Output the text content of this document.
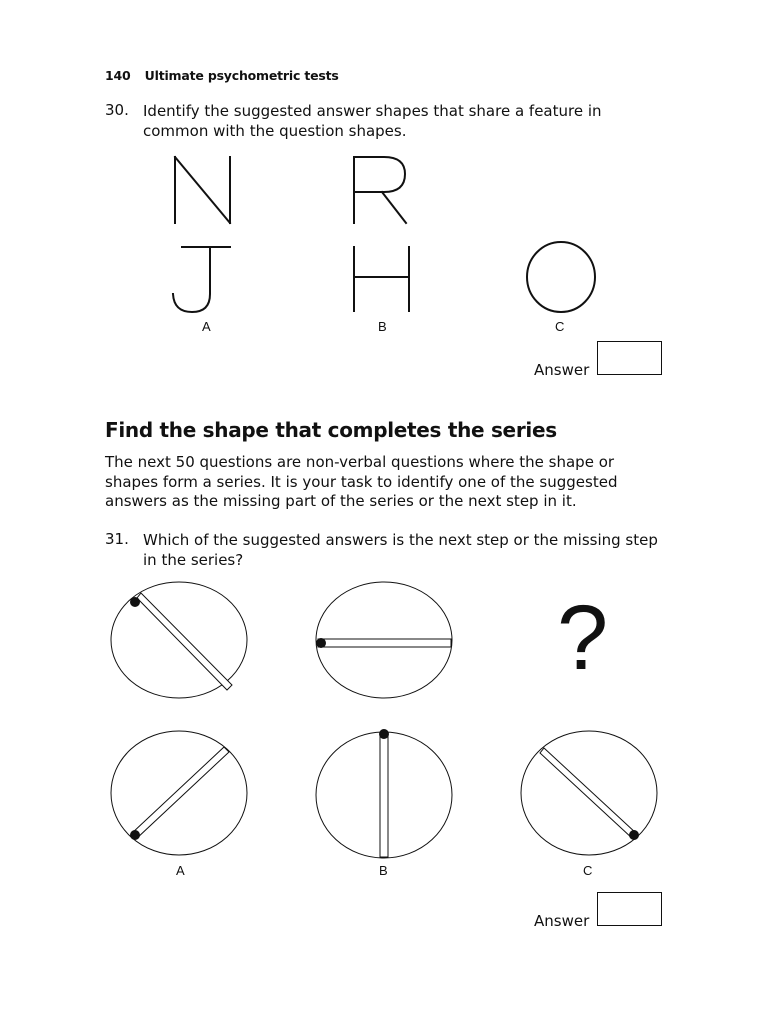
140 Ultimate psychometric tests
30. Identify the suggested answer shapes that share a feature in common with the question shapes.
A	B	C
Answer
Find the shape that completes the series
The next 50 questions are non-verbal questions where the shape or shapes form a series. It is your task to identify one of the suggested answers as the missing part of the series or the next step in it.
31. Which of the suggested answers is the next step or the missing step in the series?
?
A	B	C
Answer
